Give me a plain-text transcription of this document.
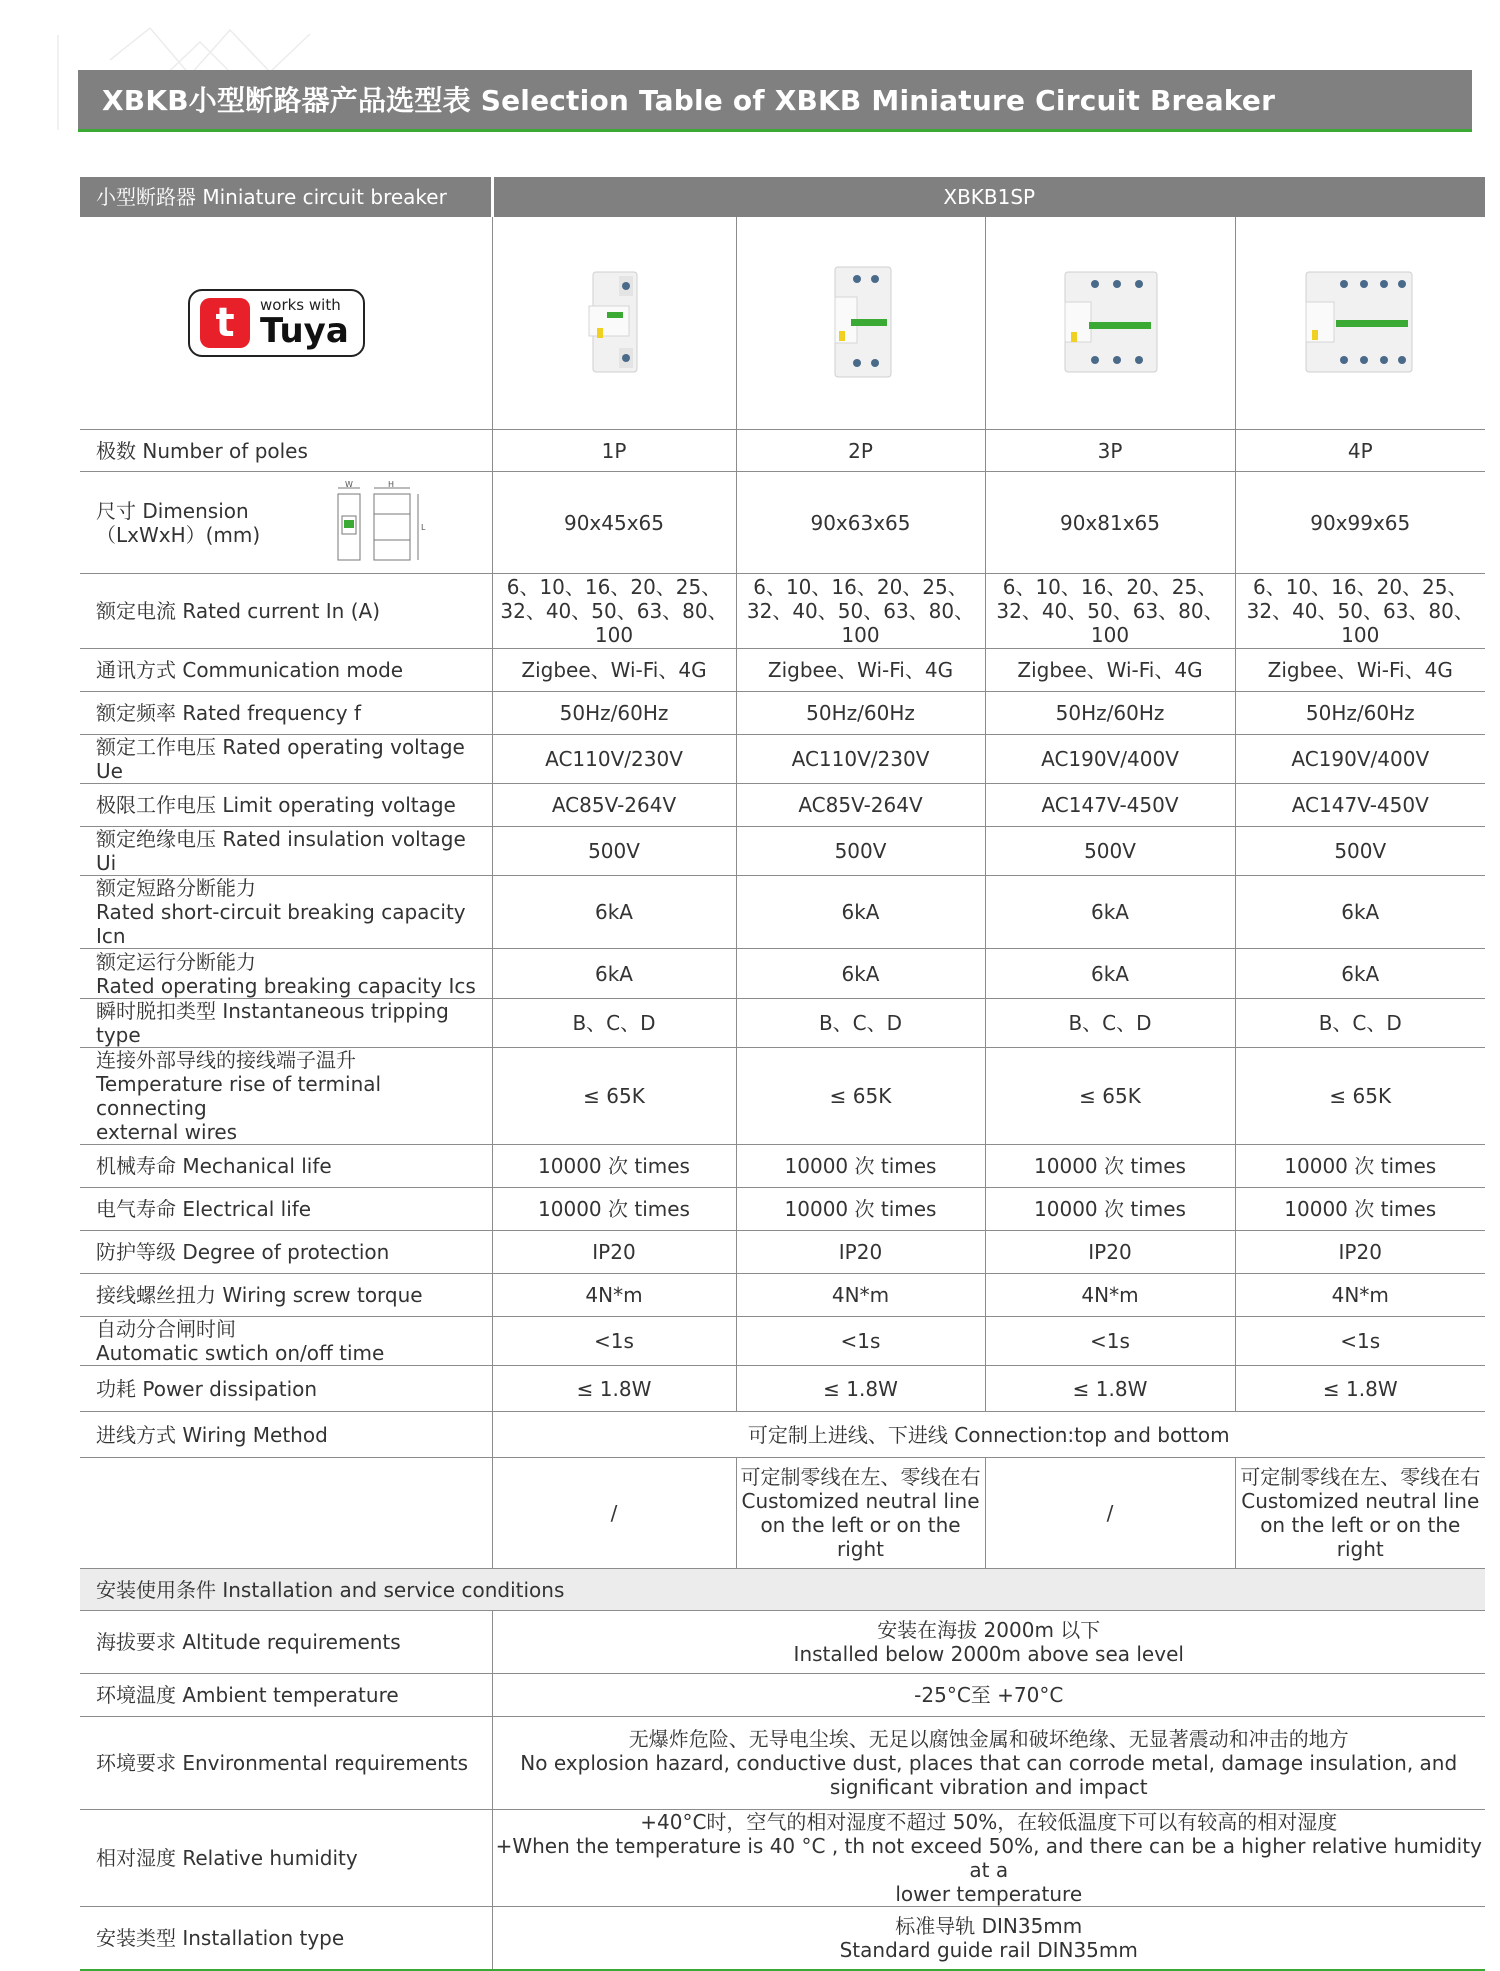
XBKB小型断路器产品选型表 Selection Table of XBKB Miniature Circuit Breaker
小型断路器 Miniature circuit breaker	XBKB1SP			

t works with
Tuya

极数 Number of poles	1P	2P	3P	4P

尺寸 Dimension
（LxWxH）(mm)
W H
L	90x45x65	90x63x65	90x81x65	90x99x65
额定电流 Rated current In (A)	6、10、16、20、25、
32、40、50、63、80、
100	6、10、16、20、25、
32、40、50、63、80、
100	6、10、16、20、25、
32、40、50、63、80、
100	6、10、16、20、25、
32、40、50、63、80、
100

通讯方式 Communication mode	Zigbee、Wi-Fi、4G	Zigbee、Wi-Fi、4G	Zigbee、Wi-Fi、4G	Zigbee、Wi-Fi、4G
额定频率 Rated frequency f	50Hz/60Hz	50Hz/60Hz	50Hz/60Hz	50Hz/60Hz
额定工作电压 Rated operating voltage Ue	AC110V/230V	AC110V/230V	AC190V/400V	AC190V/400V
极限工作电压 Limit operating voltage	AC85V-264V	AC85V-264V	AC147V-450V	AC147V-450V
额定绝缘电压 Rated insulation voltage Ui	500V	500V	500V	500V

额定短路分断能力
Rated short-circuit breaking capacity Icn	6kA	6kA	6kA	6kA

额定运行分断能力
Rated operating breaking capacity Ics	6kA	6kA	6kA	6kA
瞬时脱扣类型 Instantaneous tripping type	B、C、D	B、C、D	B、C、D	B、C、D

连接外部导线的接线端子温升
Temperature rise of terminal connecting
external wires	≤ 65K	≤ 65K	≤ 65K	≤ 65K
机械寿命 Mechanical life	10000 次 times	10000 次 times	10000 次 times	10000 次 times
电气寿命 Electrical life	10000 次 times	10000 次 times	10000 次 times	10000 次 times
防护等级 Degree of protection	IP20	IP20	IP20	IP20
接线螺丝扭力 Wiring screw torque	4N*m	4N*m	4N*m	4N*m

自动分合闸时间
Automatic swtich on/off time	<1s	<1s	<1s	<1s
功耗 Power dissipation	≤ 1.8W	≤ 1.8W	≤ 1.8W	≤ 1.8W
进线方式 Wiring Method	可定制上进线、下进线 Connection:top and bottom			
	/	可定制零线在左、零线在右
Customized neutral line
on the left or on the right	/	可定制零线在左、零线在右
Customized neutral line
on the left or on the right

安装使用条件 Installation and service conditions				
海拔要求 Altitude requirements	安装在海拔 2000m 以下
Installed below 2000m above sea level			

环境温度 Ambient temperature	-25°C至 +70°C			
环境要求 Environmental requirements	无爆炸危险、无导电尘埃、无足以腐蚀金属和破坏绝缘、无显著震动和冲击的地方
No explosion hazard, conductive dust, places that can corrode metal, damage insulation, and
significant vibration and impact			

相对湿度 Relative humidity	+40°C时，空气的相对湿度不超过 50%，在较低温度下可以有较高的相对湿度
+When the temperature is 40 °C , th not exceed 50%, and there can be a higher relative humidity at a
lower temperature			

安装类型 Installation type	标准导轨 DIN35mm
Standard guide rail DIN35mm			
